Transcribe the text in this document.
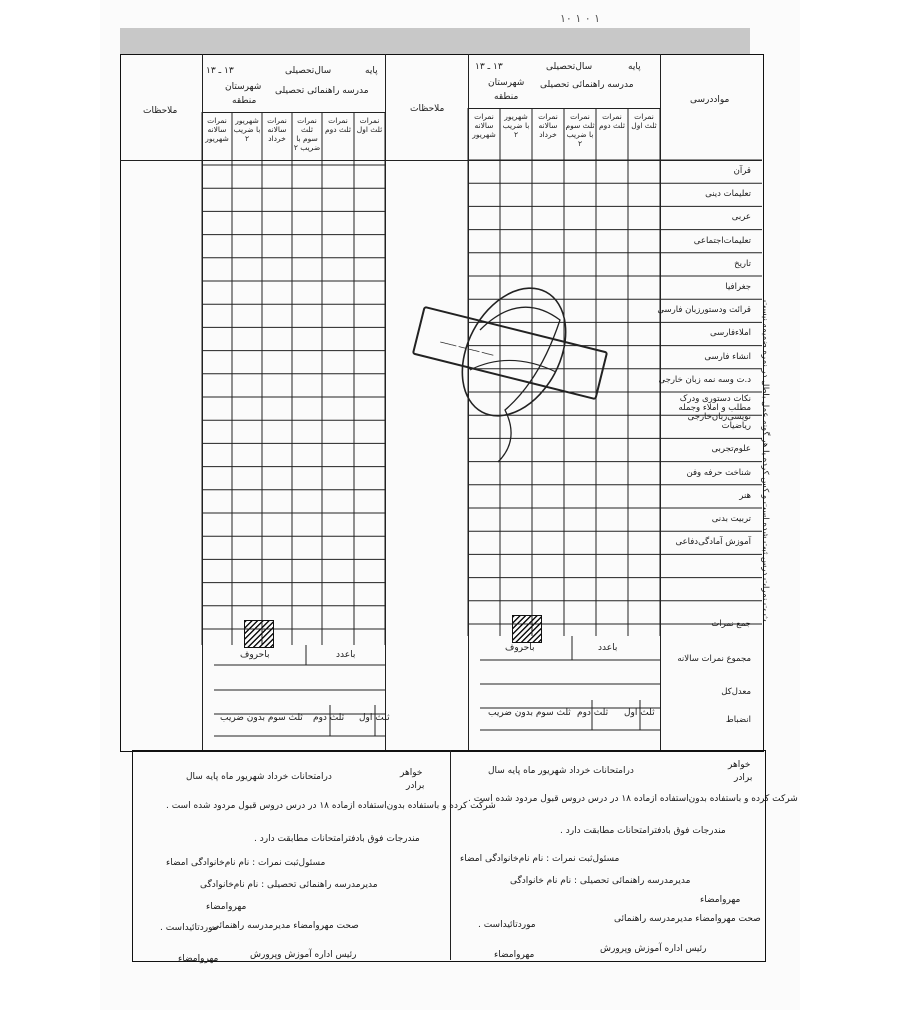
۱۰ ۱ ۰ ۱
مواددرسی
پایه
سال‌تحصیلی
۱۳ ـ ۱۳
مدرسه راهنمائی تحصیلی
شهرستان
منطقه
ملاحظات
پایه
سال‌تحصیلی
۱۳ ـ ۱۳
مدرسه راهنمائی تحصیلی
شهرستان
منطقه
ملاحظات
نمرات ثلث اول
نمرات ثلث دوم
نمرات ثلث سوم با ضریب ۲
نمرات سالانه خرداد
شهریور با ضریب ۲
نمرات سالانه شهریور
نمرات ثلث اول
نمرات ثلث دوم
نمرات ثلث سوم با ضریب ۲
نمرات سالانه خرداد
شهریور با ضریب ۲
نمرات سالانه شهریور
قرآن
تعلیمات دینی
عربی
تعلیمات‌اجتماعی
تاریخ
جغرافیا
قرائت ودستورزبان فارسی
املاءفارسی
انشاء فارسی
د.ت وسه نمه زبان خارجی
نکات دستوری ودرک مطلب و املاء وجمله نویسی‌زبان‌خارجی
ریاضیات
علوم‌تجربی
شناخت حرفه وفن
هنر
تربیت بدنی
آموزش آمادگی‌دفاعی
جمع نمرات
مجموع نمرات سالانه
معدل‌کل
انضباط
باعدد
باحروف
باعدد
باحروف
ثلث اول
ثلث دوم
ثلث سوم بدون ضریب
ثلث اول
ثلث دوم
ثلث سوم بدون ضریب
ـــــ ـــــ ـــ ـــــــ	ث ت نمرات درس ثبت شده است و کس کرده یا هر گونه عمل باطل در نمره ضمیمه نیست
خواهر
برادر
درامتحانات خرداد شهریور ماه پایه سال
شرکت کرده و باستفاده بدون‌استفاده ازماده ۱۸ در درس دروس قبول مردود شده است .
مندرجات فوق بادفتر‌امتحانات مطابقت دارد .
مسئول‌ثبت نمرات : نام نام‌خانوادگی امضاء
مدیرمدرسه راهنمائی تحصیلی : نام نام خانوادگی
مهروامضاء
صحت مهروامضاء مدیرمدرسه راهنمائی
موردتائیداست .
رئیس اداره آموزش وپرورش
مهروامضاء
خواهر
برادر
درامتحانات خرداد شهریور ماه پایه سال
شرکت کرده و باستفاده بدون‌استفاده ازماده ۱۸ در درس دروس قبول مردود شده است .
مندرجات فوق بادفتر‌امتحانات مطابقت دارد .
مسئول‌ثبت نمرات : نام نام‌خانوادگی امضاء
مدیرمدرسه راهنمائی تحصیلی : نام نام‌خانوادگی
مهروامضاء
صحت مهروامضاء مدیرمدرسه راهنمائی
موردتائیداست .
رئیس اداره آموزش وپرورش
مهروامضاء
